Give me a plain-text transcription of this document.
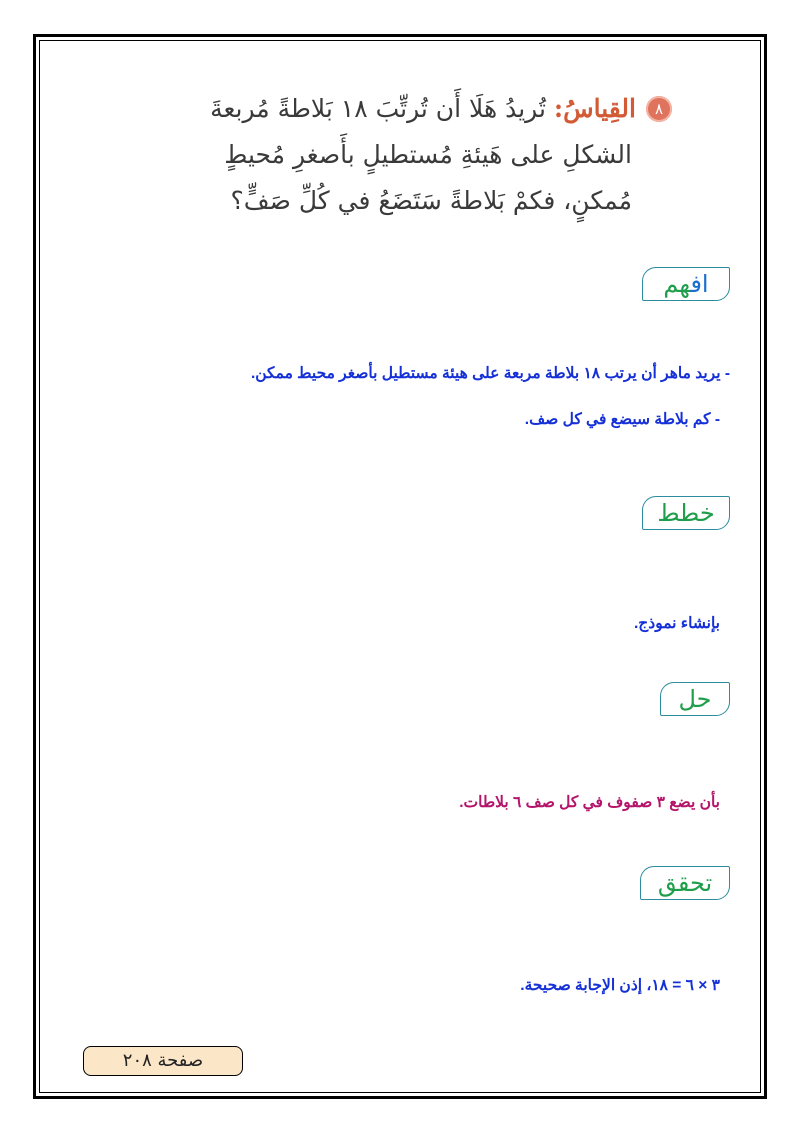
٨القِياسُ: تُريدُ هَلَا أَن تُرتِّبَ ١٨ بَلاطةً مُربعةَ
الشكلِ على هَيئةِ مُستطيلٍ بأَصغرِ مُحيطٍ
مُمكنٍ، فكمْ بَلاطةً سَتَضَعُ في كُلِّ صَفٍّ؟
افهم
- يريد ماهر أن يرتب ١٨ بلاطة مربعة على هيئة مستطيل بأصغر محيط ممكن.
- كم بلاطة سيضع في كل صف.
خطط
بإنشاء نموذج.
حل
بأن يضع ٣ صفوف في كل صف ٦ بلاطات.
تحقق
٣ × ٦ = ١٨، إذن الإجابة صحيحة.
صفحة ٢٠٨
